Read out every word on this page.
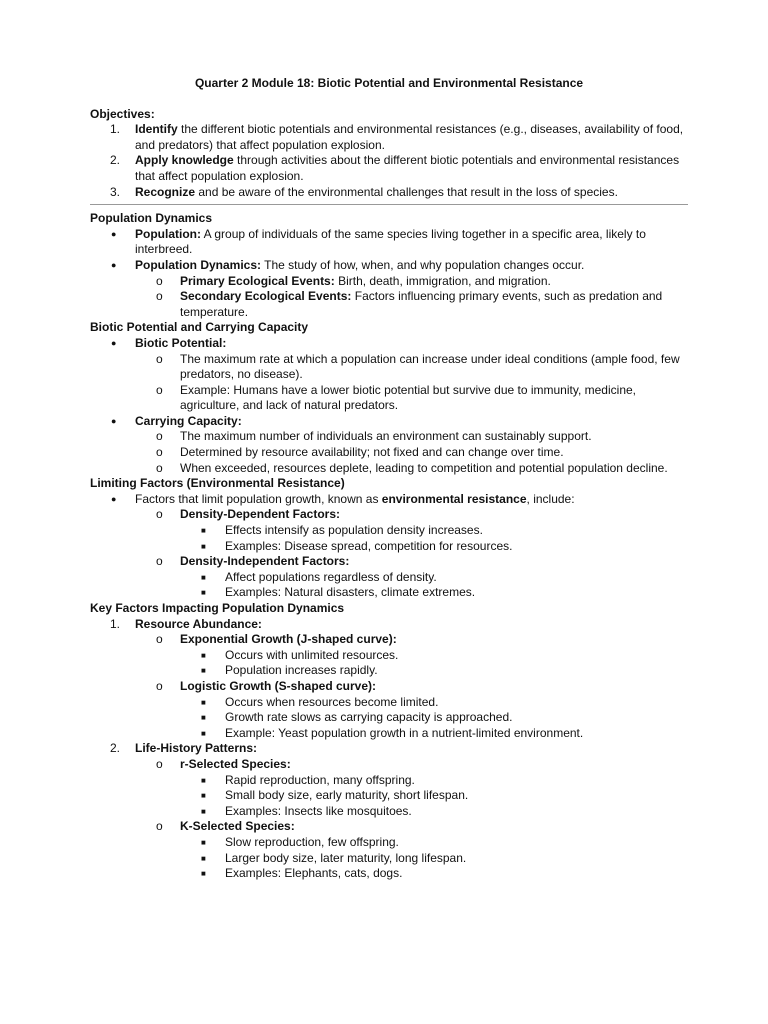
Quarter 2 Module 18: Biotic Potential and Environmental Resistance
Objectives:
1.	Identify the different biotic potentials and environmental resistances (e.g., diseases, availability of food, and predators) that affect population explosion.
2.	Apply knowledge through activities about the different biotic potentials and environmental resistances that affect population explosion.
3.	Recognize and be aware of the environmental challenges that result in the loss of species.
Population Dynamics
●	Population: A group of individuals of the same species living together in a specific area, likely to interbreed.
●	Population Dynamics: The study of how, when, and why population changes occur.
o	Primary Ecological Events: Birth, death, immigration, and migration.
o	Secondary Ecological Events: Factors influencing primary events, such as predation and temperature.
Biotic Potential and Carrying Capacity
●	Biotic Potential:
o	The maximum rate at which a population can increase under ideal conditions (ample food, few predators, no disease).
o	Example: Humans have a lower biotic potential but survive due to immunity, medicine, agriculture, and lack of natural predators.
●	Carrying Capacity:
o	The maximum number of individuals an environment can sustainably support.
o	Determined by resource availability; not fixed and can change over time.
o	When exceeded, resources deplete, leading to competition and potential population decline.
Limiting Factors (Environmental Resistance)
●	Factors that limit population growth, known as environmental resistance, include:
o	Density-Dependent Factors:
■	Effects intensify as population density increases.
■	Examples: Disease spread, competition for resources.
o	Density-Independent Factors:
■	Affect populations regardless of density.
■	Examples: Natural disasters, climate extremes.
Key Factors Impacting Population Dynamics
1.	Resource Abundance:
o	Exponential Growth (J-shaped curve):
■	Occurs with unlimited resources.
■	Population increases rapidly.
o	Logistic Growth (S-shaped curve):
■	Occurs when resources become limited.
■	Growth rate slows as carrying capacity is approached.
■	Example: Yeast population growth in a nutrient-limited environment.
2.	Life-History Patterns:
o	r-Selected Species:
■	Rapid reproduction, many offspring.
■	Small body size, early maturity, short lifespan.
■	Examples: Insects like mosquitoes.
o	K-Selected Species:
■	Slow reproduction, few offspring.
■	Larger body size, later maturity, long lifespan.
■	Examples: Elephants, cats, dogs.
